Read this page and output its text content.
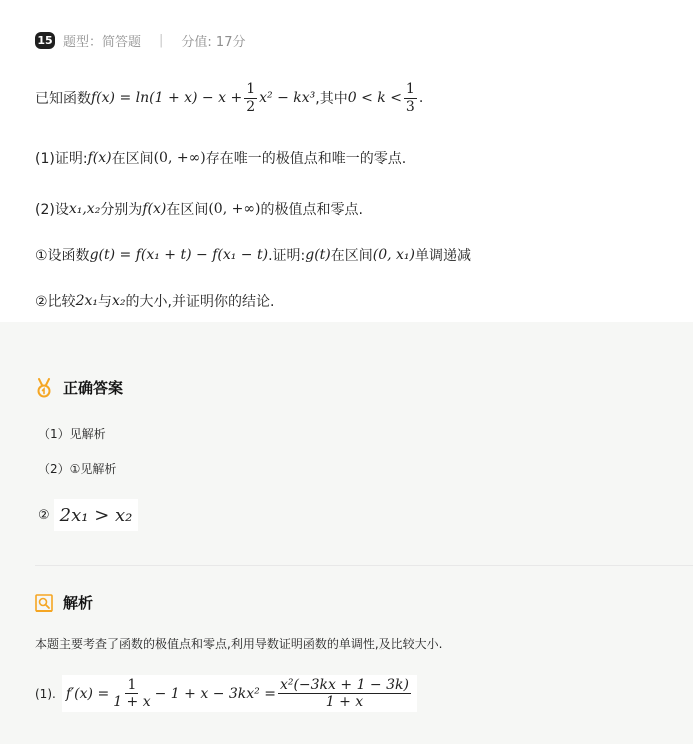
15 题型：简答题 | 分值: 17分
已知函数 $f(x) = \ln(1 + x) - x + \frac{1}{2} x^2 - kx^3$ ,其中 $0 < k < \frac{1}{3}$ .
(1)证明: f(x) 在区间 (0, +∞) 存在唯一的极值点和唯一的零点.
(2)设 x₁,x₂ 分别为 f(x) 在区间 (0, +∞) 的极值点和零点.
①设函数 g(t) = f(x₁ + t) − f(x₁ − t) .证明: g(t) 在区间 (0, x₁) 单调递减
②比较 2x₁ 与 x₂ 的大小,并证明你的结论.
正确答案
（1）见解析
（2）①见解析
② 2x₁ > x₂
解析
本题主要考查了函数的极值点和零点,利用导数证明函数的单调性,及比较大小.
(1). $f'(x) = \frac{1}{1 + x} - 1 + x - 3kx^2 = \frac{\text{x²(−3kx + 1 − 3k)}}{1 + x}$
